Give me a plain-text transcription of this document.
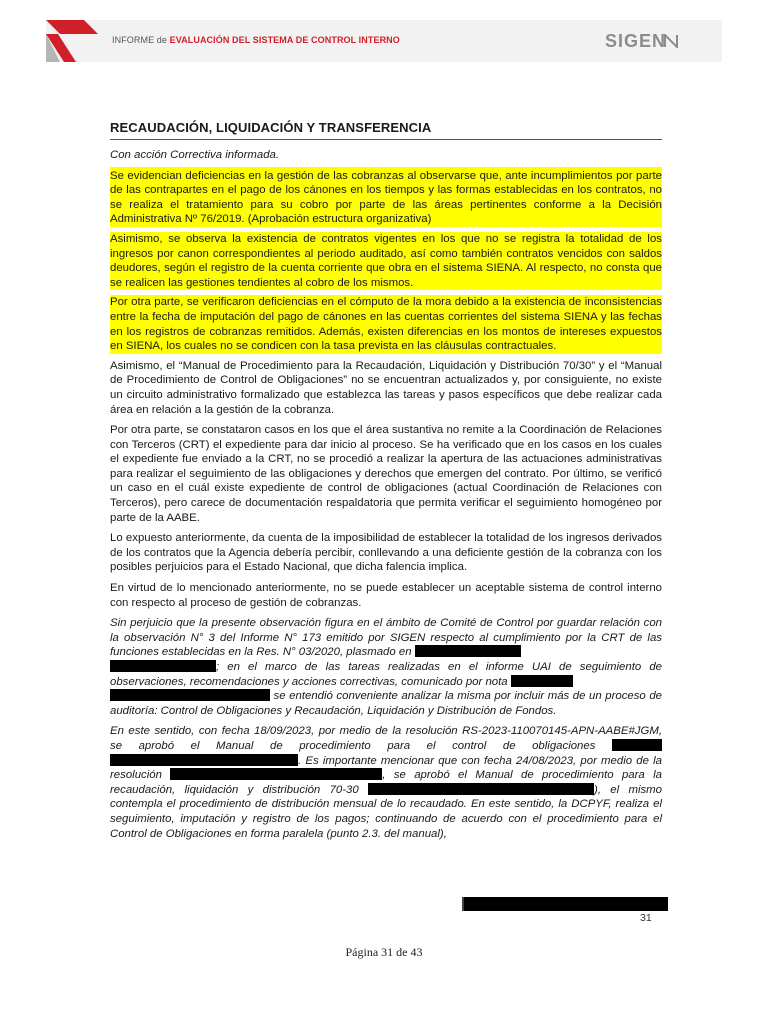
INFORME de EVALUACIÓN DEL SISTEMA DE CONTROL INTERNO	SIGEN
RECAUDACIÓN, LIQUIDACIÓN Y TRANSFERENCIA

Con acción Correctiva informada.

Se evidencian deficiencias en la gestión de las cobranzas al observarse que, ante incumplimientos por parte de las contrapartes en el pago de los cánones en los tiempos y las formas establecidas en los contratos, no se realiza el tratamiento para su cobro por parte de las áreas pertinentes conforme a la Decisión Administrativa Nº 76/2019. (Aprobación estructura organizativa)

Asimismo, se observa la existencia de contratos vigentes en los que no se registra la totalidad de los ingresos por canon correspondientes al periodo auditado, así como también contratos vencidos con saldos deudores, según el registro de la cuenta corriente que obra en el sistema SIENA. Al respecto, no consta que se realicen las gestiones tendientes al cobro de los mismos.

Por otra parte, se verificaron deficiencias en el cómputo de la mora debido a la existencia de inconsistencias entre la fecha de imputación del pago de cánones en las cuentas corrientes del sistema SIENA y las fechas en los registros de cobranzas remitidos. Además, existen diferencias en los montos de intereses expuestos en SIENA, los cuales no se condicen con la tasa prevista en las cláusulas contractuales.

Asimismo, el “Manual de Procedimiento para la Recaudación, Liquidación y Distribución 70/30” y el “Manual de Procedimiento de Control de Obligaciones” no se encuentran actualizados y, por consiguiente, no existe un circuito administrativo formalizado que establezca las tareas y pasos específicos que debe realizar cada área en relación a la gestión de la cobranza.

Por otra parte, se constataron casos en los que el área sustantiva no remite a la Coordinación de Relaciones con Terceros (CRT) el expediente para dar inicio al proceso. Se ha verificado que en los casos en los cuales el expediente fue enviado a la CRT, no se procedió a realizar la apertura de las actuaciones administrativas para realizar el seguimiento de las obligaciones y derechos que emergen del contrato. Por último, se verificó un caso en el cuál existe expediente de control de obligaciones (actual Coordinación de Relaciones con Terceros), pero carece de documentación respaldatoria que permita verificar el seguimiento homogéneo por parte de la AABE.

Lo expuesto anteriormente, da cuenta de la imposibilidad de establecer la totalidad de los ingresos derivados de los contratos que la Agencia debería percibir, conllevando a una deficiente gestión de la cobranza con los posibles perjuicios para el Estado Nacional, que dicha falencia implica.

En virtud de lo mencionado anteriormente, no se puede establecer un aceptable sistema de control interno con respecto al proceso de gestión de cobranzas.

Sin perjuicio que la presente observación figura en el ámbito de Comité de Control por guardar relación con la observación N° 3 del Informe N° 173 emitido por SIGEN respecto al cumplimiento por la CRT de las funciones establecidas en la Res. N° 03/2020, plasmado en
; en el marco de las tareas realizadas en el informe UAI de seguimiento de observaciones, recomendaciones y acciones correctivas, comunicado por nota
se entendió conveniente analizar la misma por incluir más de un proceso de auditoría: Control de Obligaciones y Recaudación, Liquidación y Distribución de Fondos.

En este sentido, con fecha 18/09/2023, por medio de la resolución RS-2023-110070145-APN-AABE#JGM, se aprobó el Manual de procedimiento para el control de obligaciones  . Es importante mencionar que con fecha 24/08/2023, por medio de la resolución	, se aprobó el Manual de procedimiento para la recaudación, liquidación y distribución 70-30	), el mismo contempla el procedimiento de distribución mensual de lo recaudado. En este sentido, la DCPYF, realiza el seguimiento, imputación y registro de los pagos; continuando de acuerdo con el procedimiento para el Control de Obligaciones en forma paralela (punto 2.3. del manual),

31
Página 31 de 43
